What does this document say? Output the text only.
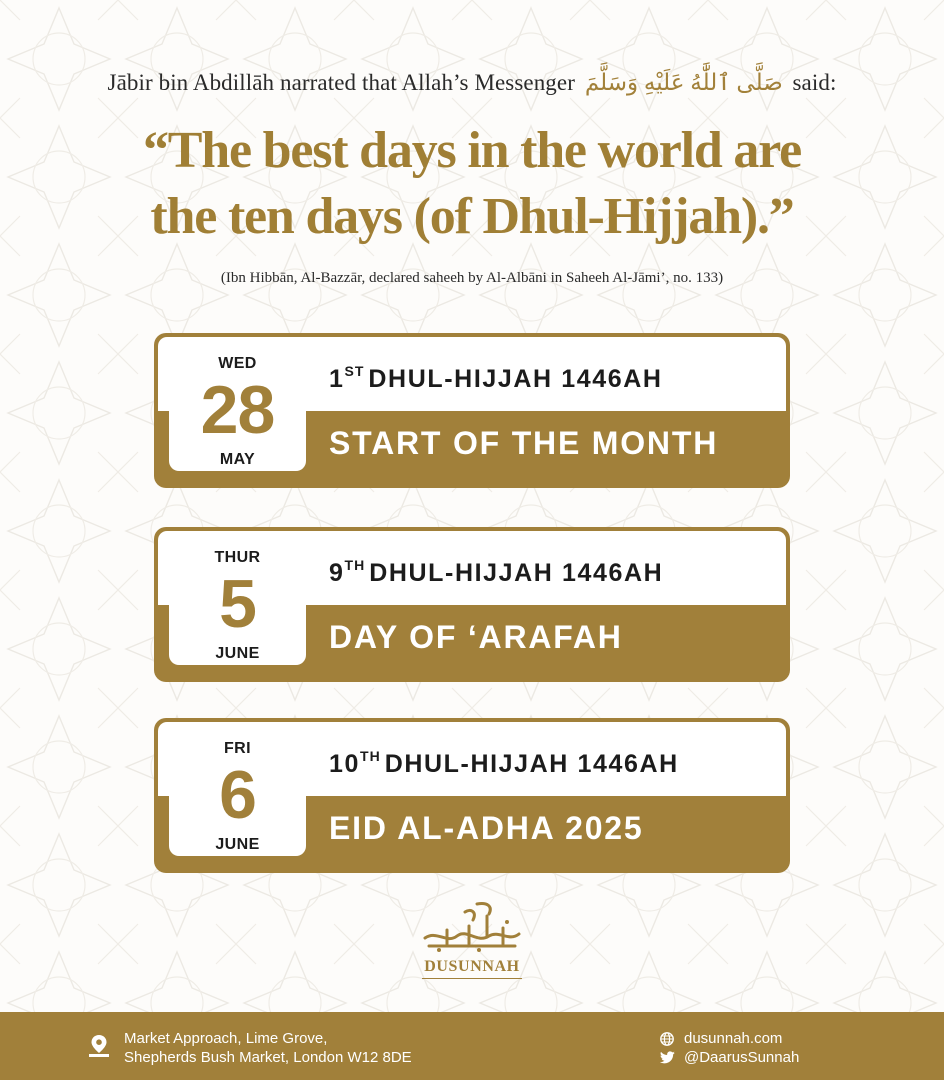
Jābir bin Abdillāh narrated that Allah’s Messenger صَلَّى ٱللَّٰهُ عَلَيْهِ وَسَلَّمَ said:
“The best days in the world are
the ten days (of Dhul-Hijjah).”
(Ibn Hibbān, Al-Bazzār, declared saheeh by Al-Albāni in Saheeh Al-Jāmi’, no. 133)
WED
28
MAY
1ST DHUL-HIJJAH 1446AH
START OF THE MONTH
THUR
5
JUNE
9TH DHUL-HIJJAH 1446AH
DAY OF ‘ARAFAH
FRI
6
JUNE
10TH DHUL-HIJJAH 1446AH
EID AL-ADHA 2025
DUSUNNAH
Market Approach, Lime Grove,
Shepherds Bush Market, London W12 8DE
dusunnah.com
@DaarusSunnah
